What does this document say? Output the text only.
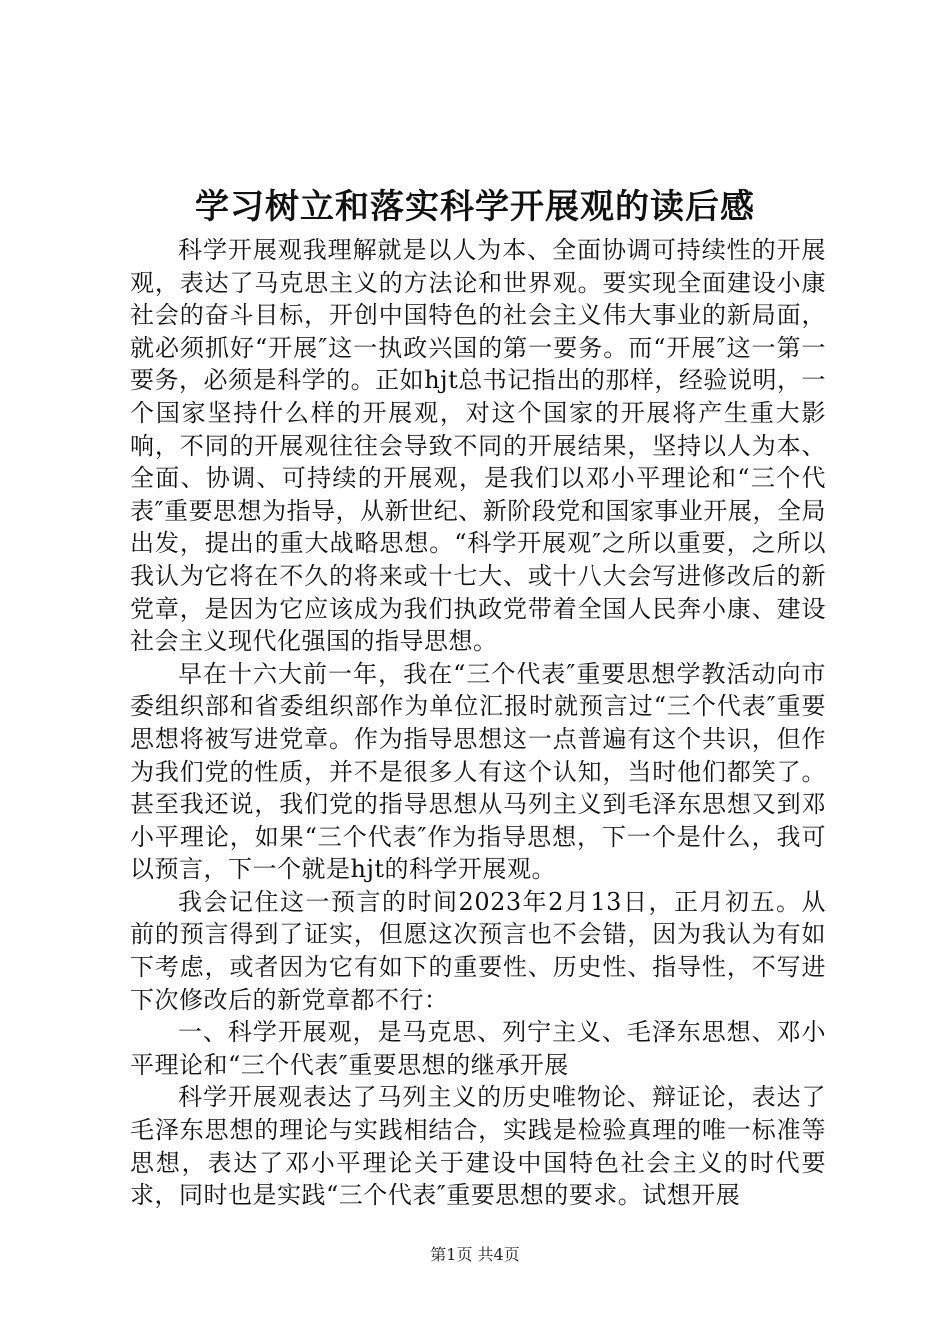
学习树立和落实科学开展观的读后感

科学开展观我理解就是以人为本、全面协调可持续性的开展观，表达了马克思主义的方法论和世界观。要实现全面建设小康社会的奋斗目标，开创中国特色的社会主义伟大事业的新局面，就必须抓好“开展″这一执政兴国的第一要务。而“开展″这一第一要务，必须是科学的。正如hjt总书记指出的那样，经验说明，一个国家坚持什么样的开展观，对这个国家的开展将产生重大影响，不同的开展观往往会导致不同的开展结果，坚持以人为本、全面、协调、可持续的开展观，是我们以邓小平理论和“三个代表″重要思想为指导，从新世纪、新阶段党和国家事业开展，全局出发，提出的重大战略思想。“科学开展观″之所以重要，之所以我认为它将在不久的将来或十七大、或十八大会写进修改后的新党章，是因为它应该成为我们执政党带着全国人民奔小康、建设社会主义现代化强国的指导思想。

早在十六大前一年，我在“三个代表″重要思想学教活动向市委组织部和省委组织部作为单位汇报时就预言过“三个代表″重要思想将被写进党章。作为指导思想这一点普遍有这个共识，但作为我们党的性质，并不是很多人有这个认知，当时他们都笑了。甚至我还说，我们党的指导思想从马列主义到毛泽东思想又到邓小平理论，如果“三个代表″作为指导思想，下一个是什么，我可以预言，下一个就是hjt的科学开展观。

我会记住这一预言的时间2023年2月13日，正月初五。从前的预言得到了证实，但愿这次预言也不会错，因为我认为有如下考虑，或者因为它有如下的重要性、历史性、指导性，不写进下次修改后的新党章都不行：

一、科学开展观，是马克思、列宁主义、毛泽东思想、邓小平理论和“三个代表″重要思想的继承开展

科学开展观表达了马列主义的历史唯物论、辩证论，表达了毛泽东思想的理论与实践相结合，实践是检验真理的唯一标准等思想，表达了邓小平理论关于建设中国特色社会主义的时代要求，同时也是实践“三个代表″重要思想的要求。试想开展

第1页 共4页
